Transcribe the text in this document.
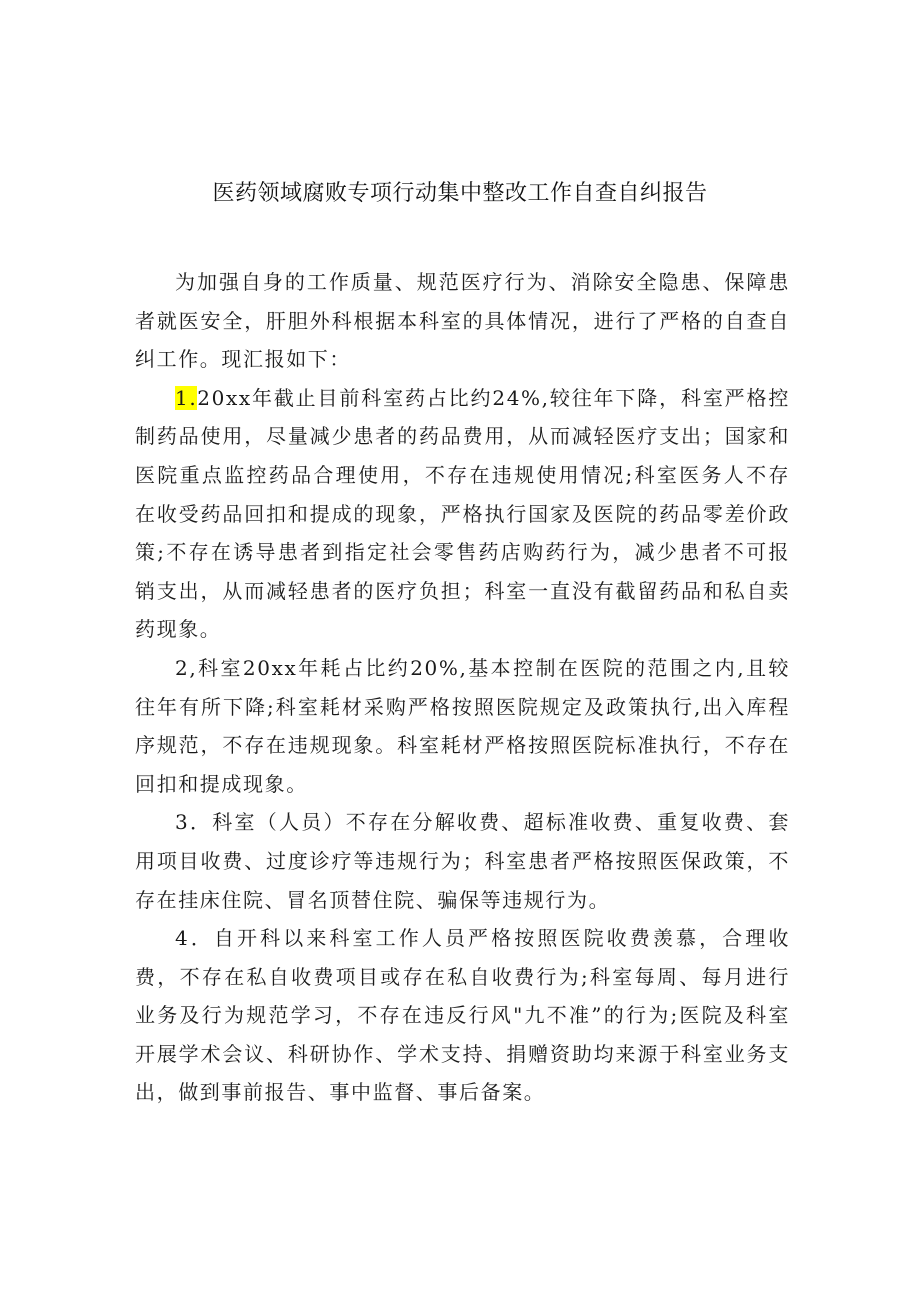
医药领域腐败专项行动集中整改工作自查自纠报告

为加强自身的工作质量、规范医疗行为、消除安全隐患、保障患者就医安全，肝胆外科根据本科室的具体情况，进行了严格的自查自纠工作。现汇报如下：

1.20xx年截止目前科室药占比约24%,较往年下降，科室严格控制药品使用，尽量减少患者的药品费用，从而减轻医疗支出；国家和医院重点监控药品合理使用，不存在违规使用情况;科室医务人不存在收受药品回扣和提成的现象，严格执行国家及医院的药品零差价政策;不存在诱导患者到指定社会零售药店购药行为，减少患者不可报销支出，从而减轻患者的医疗负担；科室一直没有截留药品和私自卖药现象。

2,科室20xx年耗占比约20%,基本控制在医院的范围之内,且较往年有所下降;科室耗材采购严格按照医院规定及政策执行,出入库程序规范，不存在违规现象。科室耗材严格按照医院标准执行，不存在回扣和提成现象。

3．科室（人员）不存在分解收费、超标准收费、重复收费、套用项目收费、过度诊疗等违规行为；科室患者严格按照医保政策，不存在挂床住院、冒名顶替住院、骗保等违规行为。

4．自开科以来科室工作人员严格按照医院收费羡慕，合理收费，不存在私自收费项目或存在私自收费行为;科室每周、每月进行业务及行为规范学习，不存在违反行风"九不准”的行为;医院及科室开展学术会议、科研协作、学术支持、捐赠资助均来源于科室业务支出，做到事前报告、事中监督、事后备案。
